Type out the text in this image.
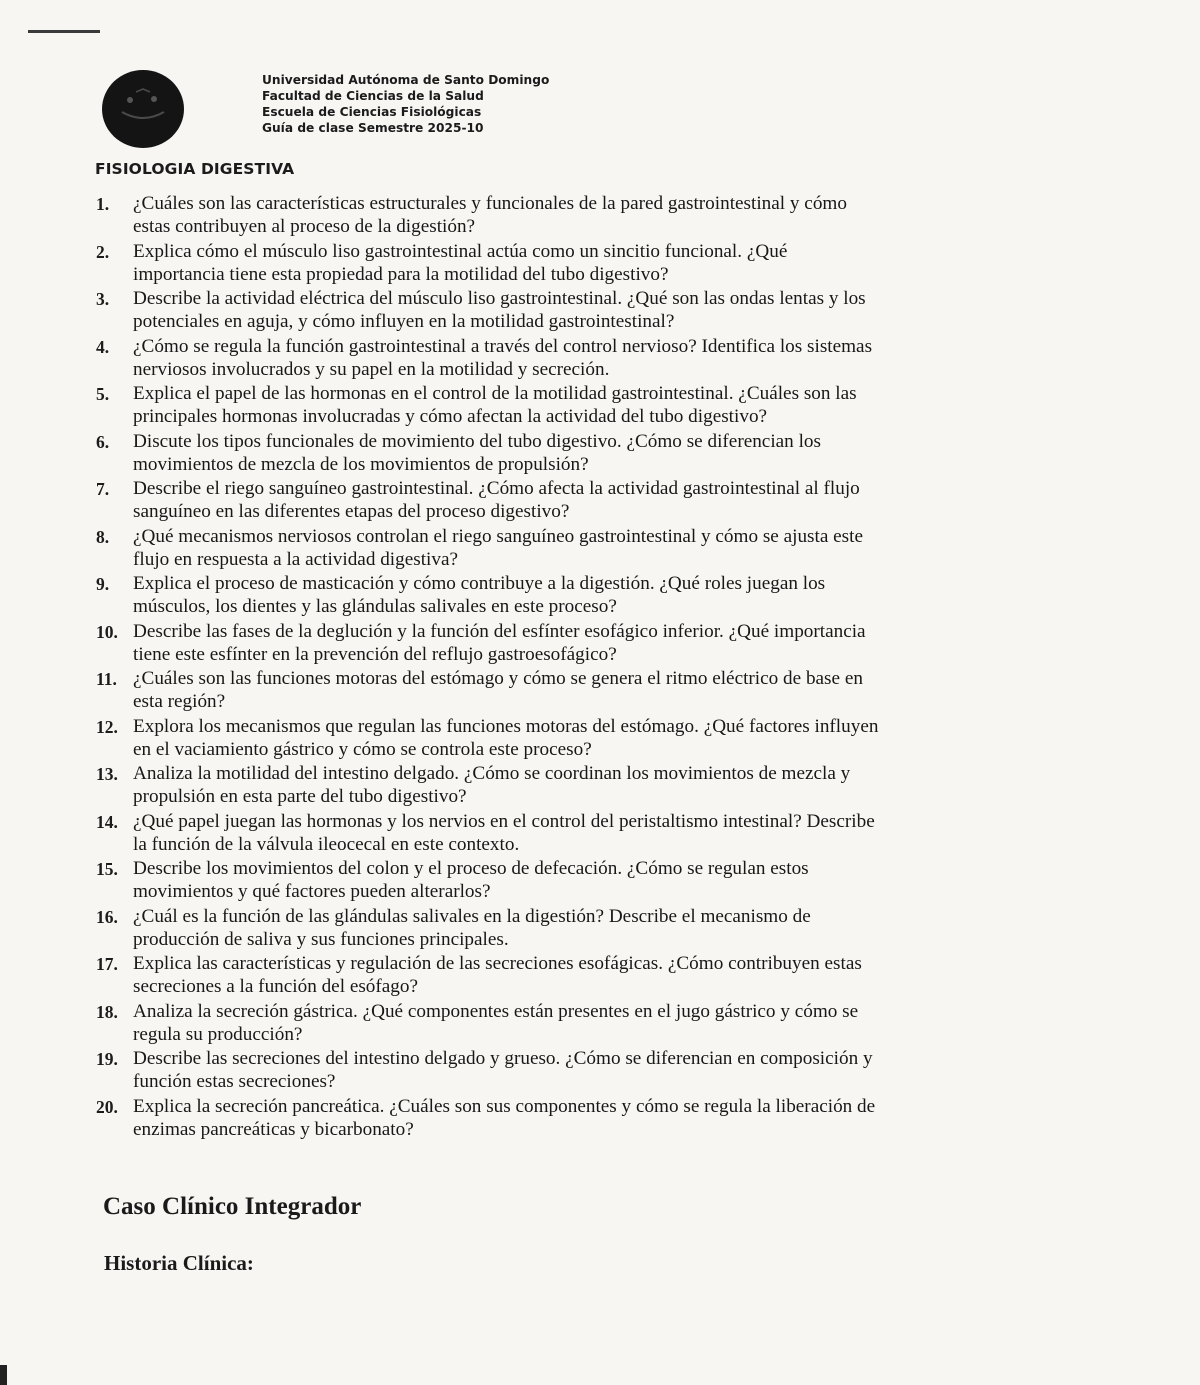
Universidad Autónoma de Santo Domingo
Facultad de Ciencias de la Salud
Escuela de Ciencias Fisiológicas
Guía de clase Semestre 2025-10
FISIOLOGIA DIGESTIVA
1.	¿Cuáles son las características estructurales y funcionales de la pared gastrointestinal y cómo
estas contribuyen al proceso de la digestión?
2.	Explica cómo el músculo liso gastrointestinal actúa como un sincitio funcional. ¿Qué
importancia tiene esta propiedad para la motilidad del tubo digestivo?
3.	Describe la actividad eléctrica del músculo liso gastrointestinal. ¿Qué son las ondas lentas y los
potenciales en aguja, y cómo influyen en la motilidad gastrointestinal?
4.	¿Cómo se regula la función gastrointestinal a través del control nervioso? Identifica los sistemas
nerviosos involucrados y su papel en la motilidad y secreción.
5.	Explica el papel de las hormonas en el control de la motilidad gastrointestinal. ¿Cuáles son las
principales hormonas involucradas y cómo afectan la actividad del tubo digestivo?
6.	Discute los tipos funcionales de movimiento del tubo digestivo. ¿Cómo se diferencian los
movimientos de mezcla de los movimientos de propulsión?
7.	Describe el riego sanguíneo gastrointestinal. ¿Cómo afecta la actividad gastrointestinal al flujo
sanguíneo en las diferentes etapas del proceso digestivo?
8.	¿Qué mecanismos nerviosos controlan el riego sanguíneo gastrointestinal y cómo se ajusta este
flujo en respuesta a la actividad digestiva?
9.	Explica el proceso de masticación y cómo contribuye a la digestión. ¿Qué roles juegan los
músculos, los dientes y las glándulas salivales en este proceso?
10. Describe las fases de la deglución y la función del esfínter esofágico inferior. ¿Qué importancia
tiene este esfínter en la prevención del reflujo gastroesofágico?
11. ¿Cuáles son las funciones motoras del estómago y cómo se genera el ritmo eléctrico de base en
esta región?
12. Explora los mecanismos que regulan las funciones motoras del estómago. ¿Qué factores influyen
en el vaciamiento gástrico y cómo se controla este proceso?
13. Analiza la motilidad del intestino delgado. ¿Cómo se coordinan los movimientos de mezcla y
propulsión en esta parte del tubo digestivo?
14. ¿Qué papel juegan las hormonas y los nervios en el control del peristaltismo intestinal? Describe
la función de la válvula ileocecal en este contexto.
15. Describe los movimientos del colon y el proceso de defecación. ¿Cómo se regulan estos
movimientos y qué factores pueden alterarlos?
16. ¿Cuál es la función de las glándulas salivales en la digestión? Describe el mecanismo de
producción de saliva y sus funciones principales.
17. Explica las características y regulación de las secreciones esofágicas. ¿Cómo contribuyen estas
secreciones a la función del esófago?
18. Analiza la secreción gástrica. ¿Qué componentes están presentes en el jugo gástrico y cómo se
regula su producción?
19. Describe las secreciones del intestino delgado y grueso. ¿Cómo se diferencian en composición y
función estas secreciones?
20. Explica la secreción pancreática. ¿Cuáles son sus componentes y cómo se regula la liberación de
enzimas pancreáticas y bicarbonato?
Caso Clínico Integrador
Historia Clínica:
